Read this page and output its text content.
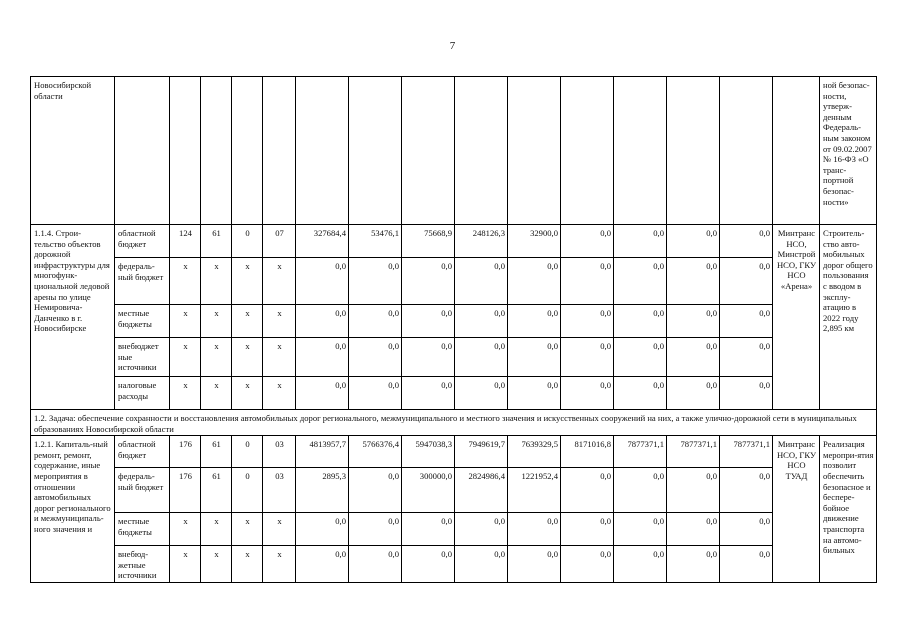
7
Новосибирской области																ной безопас-ности, утверж-денным Федераль-ным законом от 09.02.2007 № 16-ФЗ «О транс-портной безопас-ности»
1.1.4. Строи-тельство объектов дорожной инфраструктуры для многофунк-циональной ледовой арены по улице Немировича-Данченко в г. Новосибирске	областной бюджет	124	61	0	07	327684,4	53476,1	75668,9	248126,3	32900,0	0,0	0,0	0,0	0,0	Минтранс НСО, Минстрой НСО, ГКУ НСО «Арена»	Строитель-ство авто-мобильных дорог общего пользования с вводом в эксплу-атацию в 2022 году 2,895 км
	федераль-ный бюджет	x	x	x	x	0,0	0,0	0,0	0,0	0,0	0,0	0,0	0,0	0,0		
	местные бюджеты	x	x	x	x	0,0	0,0	0,0	0,0	0,0	0,0	0,0	0,0	0,0		
	внебюджет ные источники	x	x	x	x	0,0	0,0	0,0	0,0	0,0	0,0	0,0	0,0	0,0		
	налоговые расходы	x	x	x	x	0,0	0,0	0,0	0,0	0,0	0,0	0,0	0,0	0,0		
1.2. Задача: обеспечение сохранности и восстановления автомобильных дорог регионального, межмуниципального и местного значения и искусственных сооружений на них, а также улично-дорожной сети в муниципальных образованиях Новосибирской области																
1.2.1. Капиталь-ный ремонт, ремонт, содержание, иные мероприятия в отношении автомобильных дорог регионального и межмуниципаль-ного значения и	областной бюджет	176	61	0	03	4813957,7	5766376,4	5947038,3	7949619,7	7639329,5	8171016,8	7877371,1	7877371,1	7877371,1	Минтранс НСО, ГКУ НСО ТУАД	Реализация меропри-ятия позволит обеспечить безопасное и беспере-бойное движение транспорта на автомо-бильных
	федераль-ный бюджет	176	61	0	03	2895,3	0,0	300000,0	2824986,4	1221952,4	0,0	0,0	0,0	0,0		
	местные бюджеты	x	x	x	x	0,0	0,0	0,0	0,0	0,0	0,0	0,0	0,0	0,0		
	внебюд-жетные источники	x	x	x	x	0,0	0,0	0,0	0,0	0,0	0,0	0,0	0,0	0,0		
